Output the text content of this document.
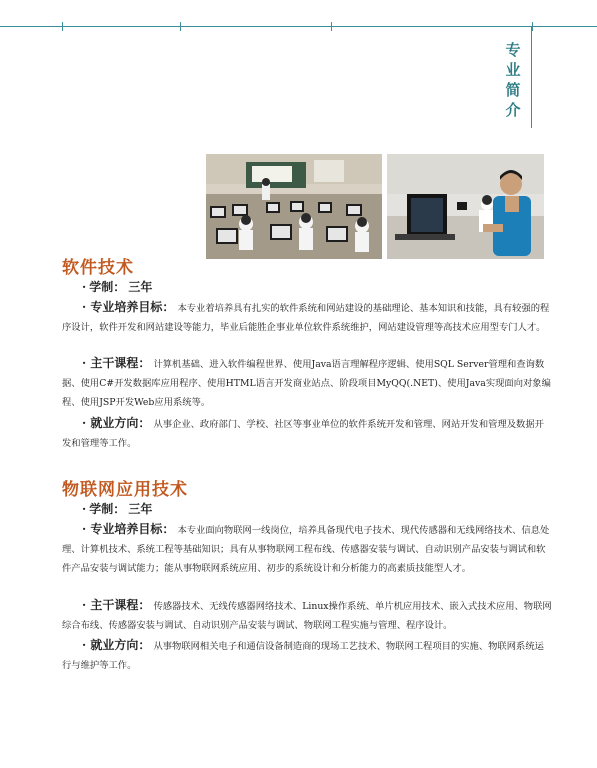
专
业
简
介
软件技术
· 学制： 三年
· 专业培养目标： 本专业着培养具有扎实的软件系统和网站建设的基础理论、基本知识和技能，具有较强的程序设计，软件开发和网站建设等能力，毕业后能胜企事业单位软件系统维护，网站建设管理等高技术应用型专门人才。
· 主干课程： 计算机基础、进入软件编程世界、使用Java语言理解程序逻辑、使用SQL Server管理和查询数据、使用C#开发数据库应用程序、使用HTML语言开发商业站点、阶段项目MyQQ(.NET)、使用Java实现面向对象编程、使用JSP开发Web应用系统等。
· 就业方向： 从事企业、政府部门、学校、社区等事业单位的软件系统开发和管理、网站开发和管理及数据开发和管理等工作。
物联网应用技术
· 学制： 三年
· 专业培养目标： 本专业面向物联网一线岗位，培养具备现代电子技术、现代传感器和无线网络技术、信息处理、计算机技术、系统工程等基础知识；具有从事物联网工程布线、传感器安装与调试、自动识别产品安装与调试和软件产品安装与调试能力；能从事物联网系统应用、初步的系统设计和分析能力的高素质技能型人才。
· 主干课程： 传感器技术、无线传感器网络技术、Linux操作系统、单片机应用技术、嵌入式技术应用、物联网综合布线、传感器安装与调试、自动识别产品安装与调试、物联网工程实施与管理、程序设计。
· 就业方向： 从事物联网相关电子和通信设备制造商的现场工艺技术、物联网工程项目的实施、物联网系统运行与维护等工作。
